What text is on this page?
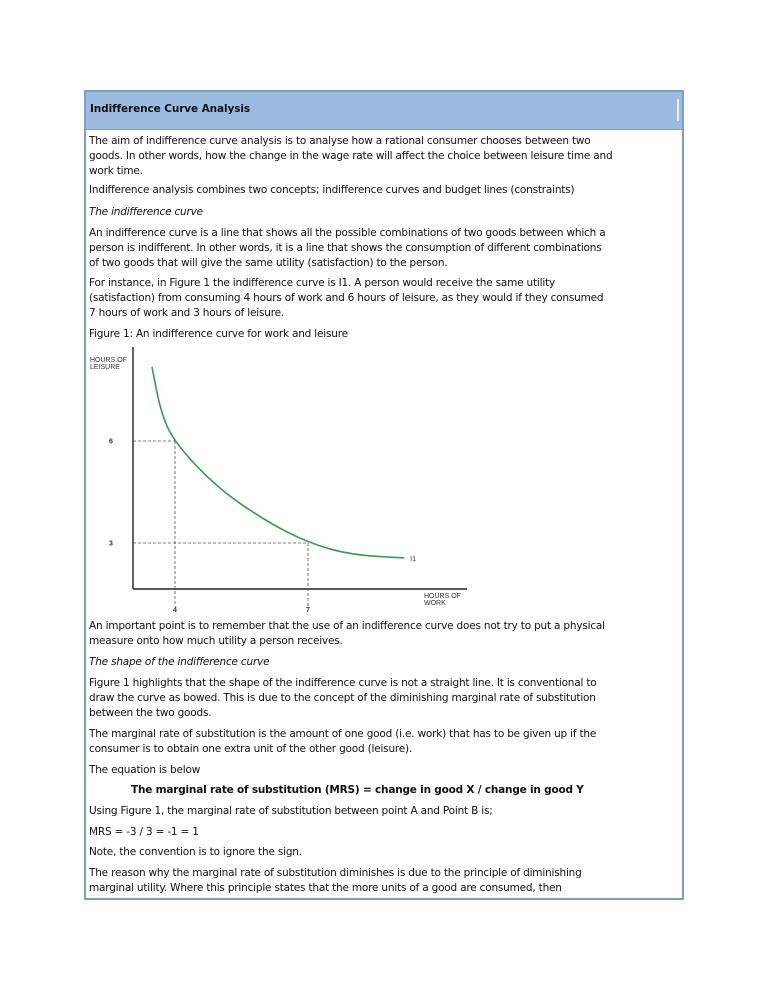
Indifference Curve Analysis
The aim of indifference curve analysis is to analyse how a rational consumer chooses between two
goods. In other words, how the change in the wage rate will affect the choice between leisure time and
work time.
Indifference analysis combines two concepts; indifference curves and budget lines (constraints)
The indifference curve
An indifference curve is a line that shows all the possible combinations of two goods between which a
person is indifferent. In other words, it is a line that shows the consumption of different combinations
of two goods that will give the same utility (satisfaction) to the person.
For instance, in Figure 1 the indifference curve is I1. A person would receive the same utility
(satisfaction) from consuming 4 hours of work and 6 hours of leisure, as they would if they consumed
7 hours of work and 3 hours of leisure.
Figure 1: An indifference curve for work and leisure
HOURS OF
LEISURE
HOURS OF
WORK
6
3
4	7
I1
An important point is to remember that the use of an indifference curve does not try to put a physical
measure onto how much utility a person receives.
The shape of the indifference curve
Figure 1 highlights that the shape of the indifference curve is not a straight line. It is conventional to
draw the curve as bowed. This is due to the concept of the diminishing marginal rate of substitution
between the two goods.
The marginal rate of substitution is the amount of one good (i.e. work) that has to be given up if the
consumer is to obtain one extra unit of the other good (leisure).
The equation is below
The marginal rate of substitution (MRS) = change in good X / change in good Y
Using Figure 1, the marginal rate of substitution between point A and Point B is;
MRS = -3 / 3 = -1 = 1
Note, the convention is to ignore the sign.
The reason why the marginal rate of substitution diminishes is due to the principle of diminishing
marginal utility. Where this principle states that the more units of a good are consumed, then
